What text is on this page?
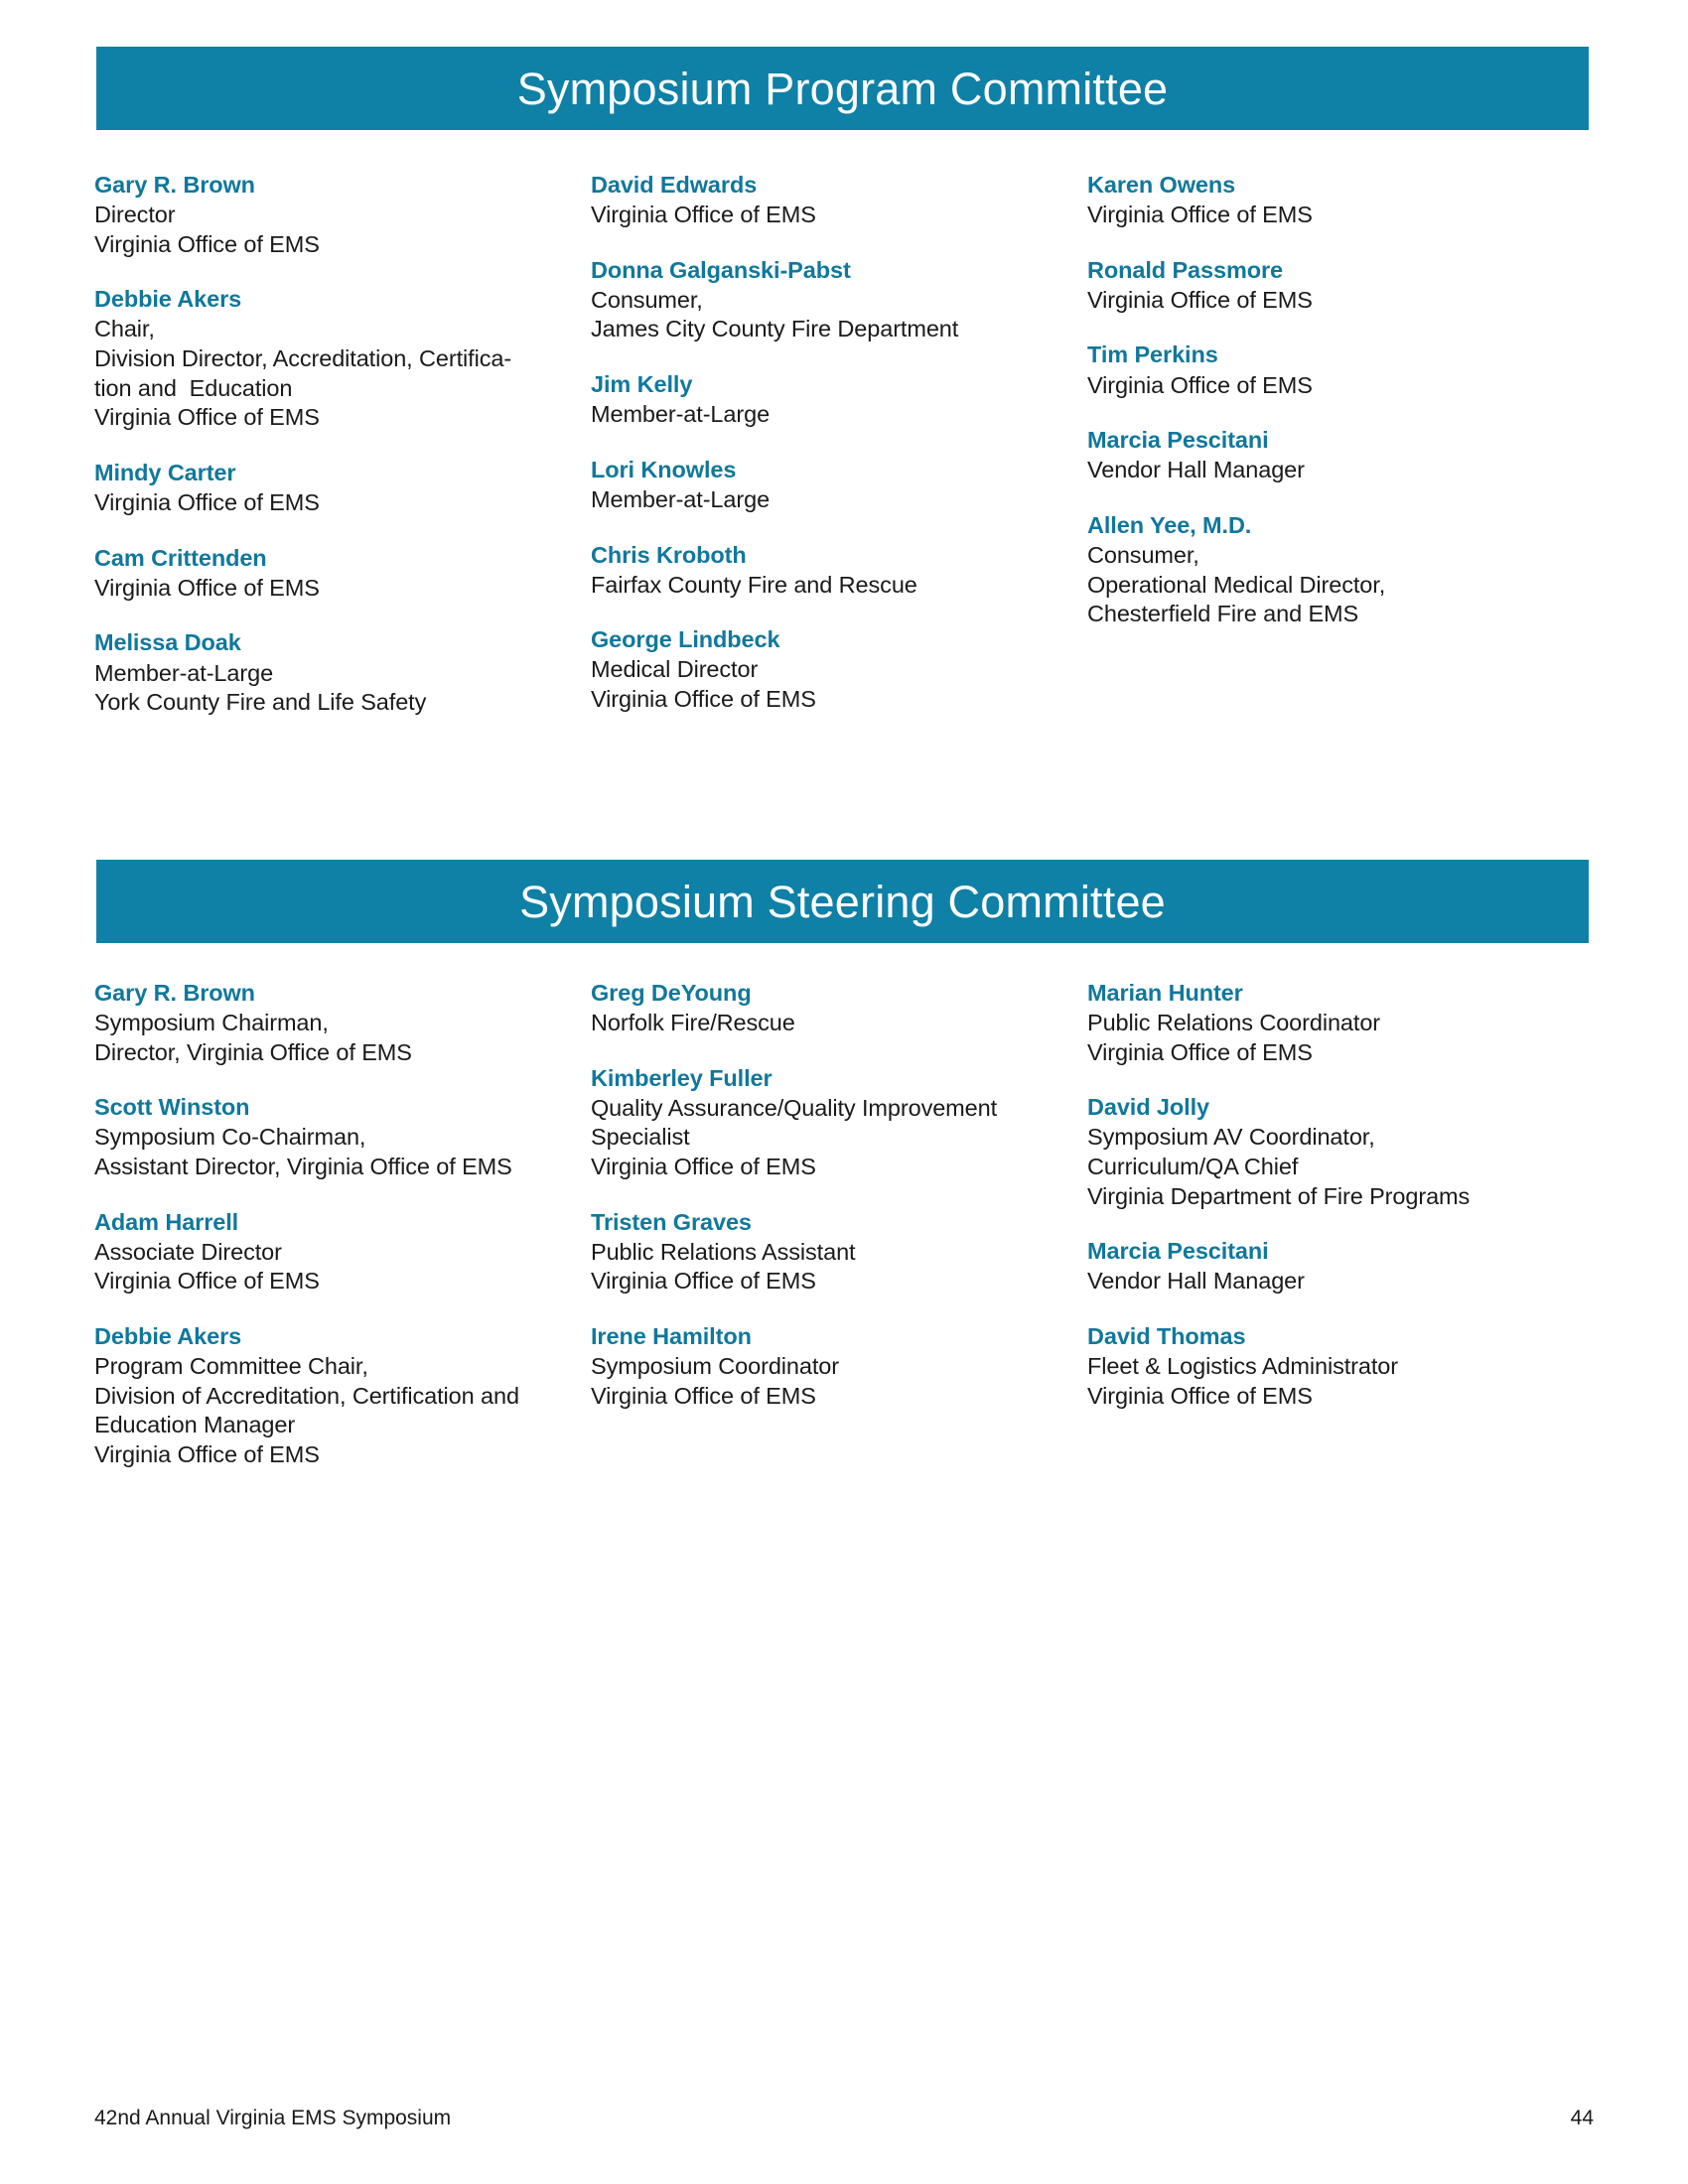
Symposium Program Committee
Gary R. Brown
Director
Virginia Office of EMS
Debbie Akers
Chair,
Division Director, Accreditation, Certifica-
tion and  Education
Virginia Office of EMS
Mindy Carter
Virginia Office of EMS
Cam Crittenden
Virginia Office of EMS
Melissa Doak
Member-at-Large
York County Fire and Life Safety
David Edwards
Virginia Office of EMS
Donna Galganski-Pabst
Consumer,
James City County Fire Department
Jim Kelly
Member-at-Large
Lori Knowles
Member-at-Large
Chris Kroboth
Fairfax County Fire and Rescue
George Lindbeck
Medical Director
Virginia Office of EMS
Karen Owens
Virginia Office of EMS
Ronald Passmore
Virginia Office of EMS
Tim Perkins
Virginia Office of EMS
Marcia Pescitani
Vendor Hall Manager
Allen Yee, M.D.
Consumer,
Operational Medical Director,
Chesterfield Fire and EMS
Symposium Steering Committee
Gary R. Brown
Symposium Chairman,
Director, Virginia Office of EMS
Scott Winston
Symposium Co-Chairman,
Assistant Director, Virginia Office of EMS
Adam Harrell
Associate Director
Virginia Office of EMS
Debbie Akers
Program Committee Chair,
Division of Accreditation, Certification and
Education Manager
Virginia Office of EMS
Greg DeYoung
Norfolk Fire/Rescue
Kimberley Fuller
Quality Assurance/Quality Improvement
Specialist
Virginia Office of EMS
Tristen Graves
Public Relations Assistant
Virginia Office of EMS
Irene Hamilton
Symposium Coordinator
Virginia Office of EMS
Marian Hunter
Public Relations Coordinator
Virginia Office of EMS
David Jolly
Symposium AV Coordinator,
Curriculum/QA Chief
Virginia Department of Fire Programs
Marcia Pescitani
Vendor Hall Manager
David Thomas
Fleet & Logistics Administrator
Virginia Office of EMS
42nd Annual Virginia EMS Symposium	44
